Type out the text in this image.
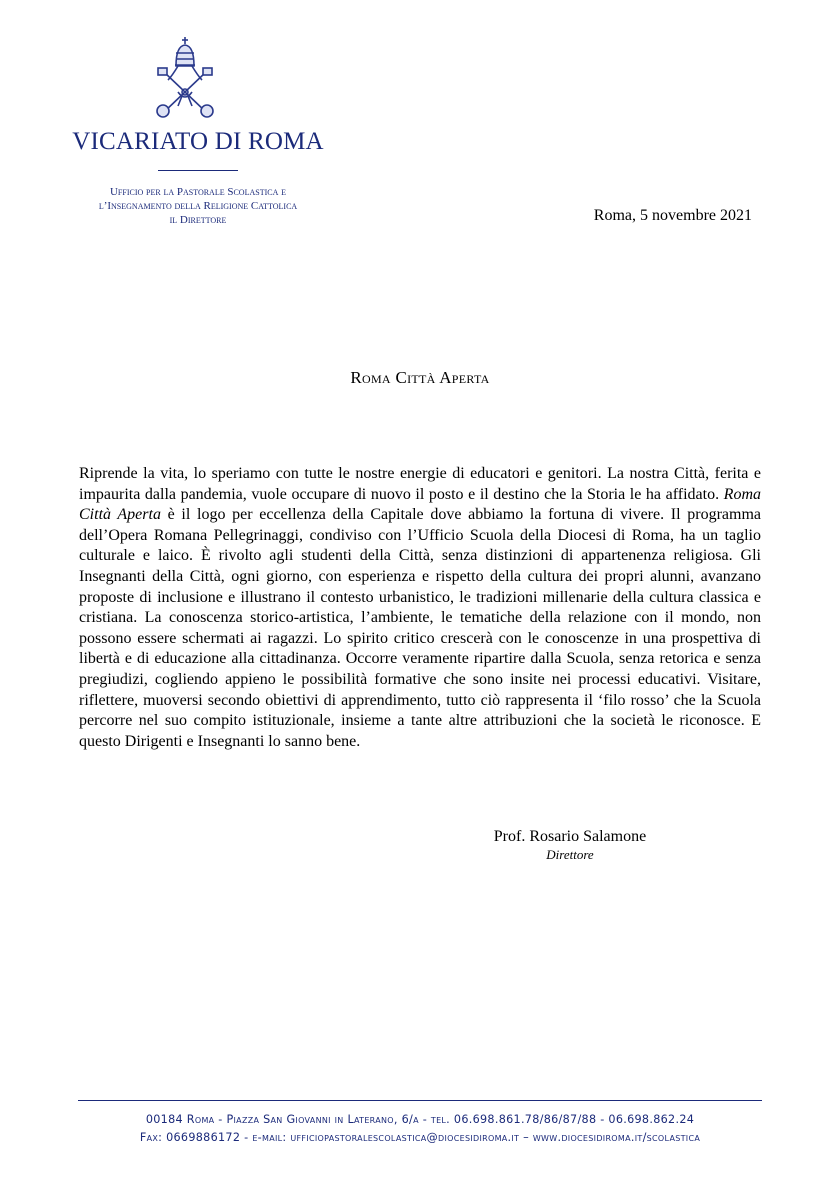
VICARIATO DI ROMA
Ufficio per la Pastorale Scolastica e
l’Insegnamento della Religione Cattolica
il Direttore	Roma, 5 novembre 2021
Roma Città Aperta
Riprende la vita, lo speriamo con tutte le nostre energie di educatori e genitori. La nostra Città, ferita e impaurita dalla pandemia, vuole occupare di nuovo il posto e il destino che la Storia le ha affidato. Roma Città Aperta è il logo per eccellenza della Capitale dove abbiamo la fortuna di vivere. Il programma dell’Opera Romana Pellegrinaggi, condiviso con l’Ufficio Scuola della Diocesi di Roma, ha un taglio culturale e laico. È rivolto agli studenti della Città, senza distinzioni di appartenenza religiosa. Gli Insegnanti della Città, ogni giorno, con esperienza e rispetto della cultura dei propri alunni, avanzano proposte di inclusione e illustrano il contesto urbanistico, le tradizioni millenarie della cultura classica e cristiana. La conoscenza storico-artistica, l’ambiente, le tematiche della relazione con il mondo, non possono essere schermati ai ragazzi. Lo spirito critico crescerà con le conoscenze in una prospettiva di libertà e di educazione alla cittadinanza. Occorre veramente ripartire dalla Scuola, senza retorica e senza pregiudizi, cogliendo appieno le possibilità formative che sono insite nei processi educativi. Visitare, riflettere, muoversi secondo obiettivi di apprendimento, tutto ciò rappresenta il ‘filo rosso’ che la Scuola percorre nel suo compito istituzionale, insieme a tante altre attribuzioni che la società le riconosce. E questo Dirigenti e Insegnanti lo sanno bene.
Prof. Rosario Salamone
Direttore
00184 Roma - Piazza San Giovanni in Laterano, 6/a - tel. 06.698.861.78/86/87/88 - 06.698.862.24
Fax: 0669886172 - e-mail: ufficiopastoralescolastica@diocesidiroma.it – www.diocesidiroma.it/scolastica
